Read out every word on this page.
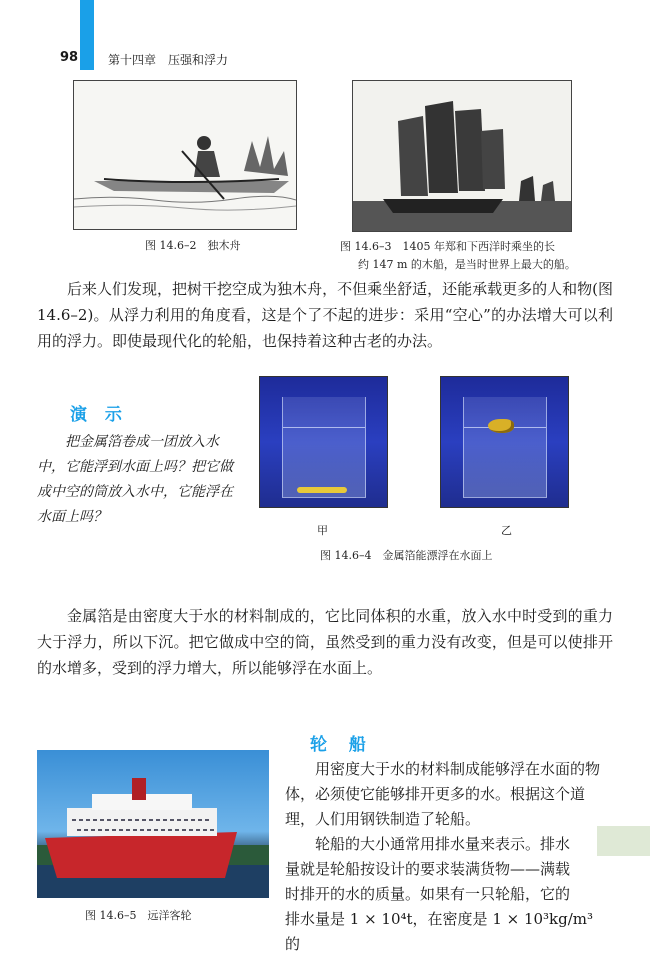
98 第十四章　压强和浮力
图 14.6–2　独木舟	图 14.6–3　1405 年郑和下西洋时乘坐的长
约 147 m 的木船，是当时世界上最大的船。
后来人们发现，把树干挖空成为独木舟，不但乘坐舒适，还能承载更多的人和物(图 14.6–2)。从浮力利用的角度看，这是个了不起的进步：采用“空心”的办法增大可以利用的浮力。即使最现代化的轮船，也保持着这种古老的办法。
演 示
把金属箔卷成一团放入水中，它能浮到水面上吗？把它做成中空的筒放入水中，它能浮在水面上吗？
甲	乙
图 14.6–4　金属箔能漂浮在水面上
金属箔是由密度大于水的材料制成的，它比同体积的水重，放入水中时受到的重力大于浮力，所以下沉。把它做成中空的筒，虽然受到的重力没有改变，但是可以使排开的水增多，受到的浮力增大，所以能够浮在水面上。
图 14.6–5　远洋客轮
轮 船
用密度大于水的材料制成能够浮在水面的物体，必须使它能够排开更多的水。根据这个道理，人们用钢铁制造了轮船。
轮船的大小通常用排水量来表示。排水
量就是轮船按设计的要求装满货物——满载
时排开的水的质量。如果有一只轮船，它的
排水量是 1 × 10⁴t，在密度是 1 × 10³kg/m³ 的
